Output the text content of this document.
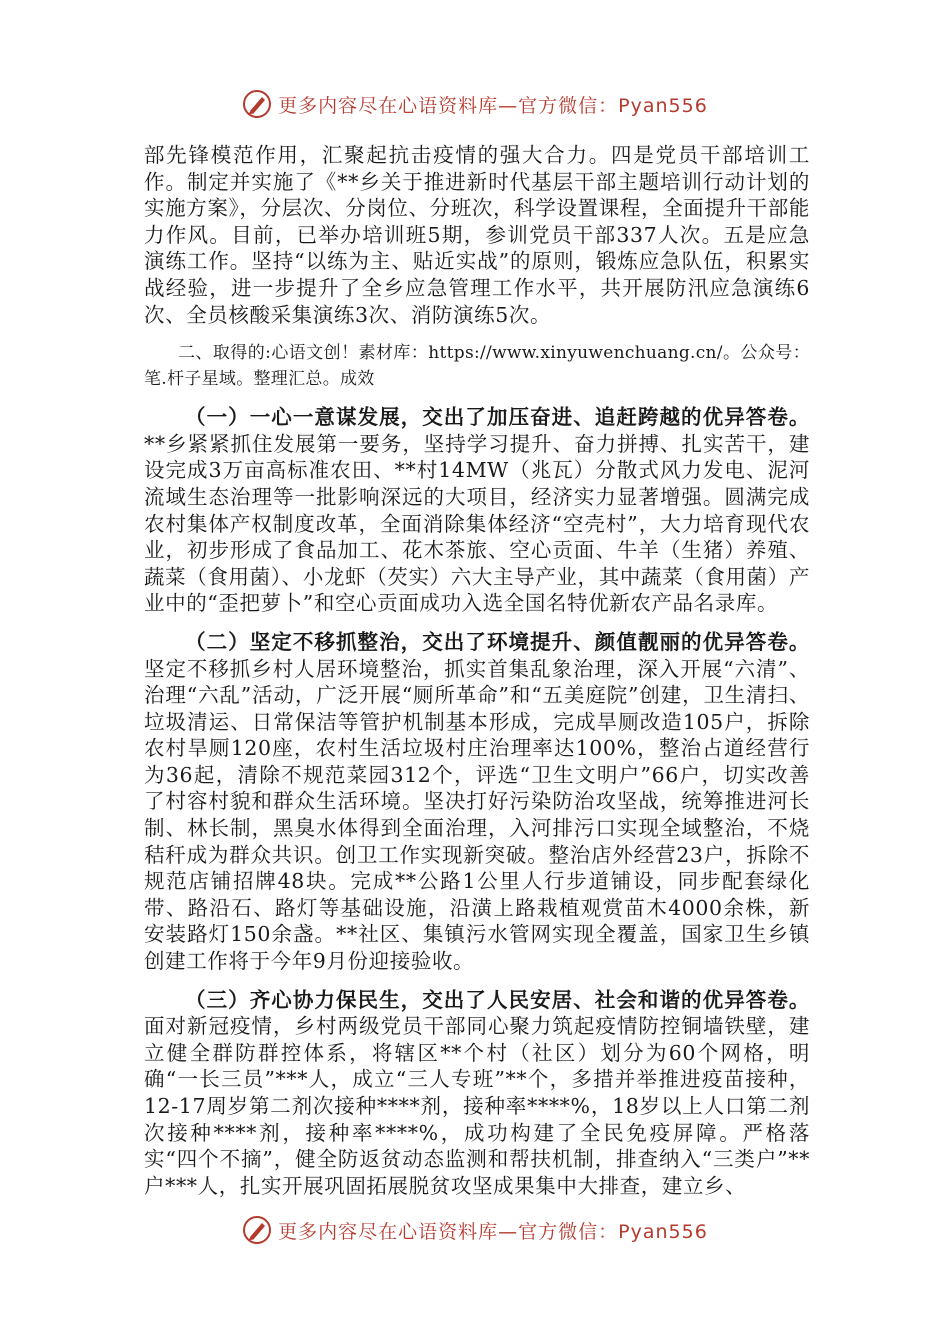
更多内容尽在心语资料库—官方微信：Pyan556

部先锋模范作用，汇聚起抗击疫情的强大合力。四是党员干部培训工作。制定并实施了《**乡关于推进新时代基层干部主题培训行动计划的实施方案》，分层次、分岗位、分班次，科学设置课程，全面提升干部能力作风。目前，已举办培训班5期，参训党员干部337人次。五是应急演练工作。坚持“以练为主、贴近实战”的原则，锻炼应急队伍，积累实战经验，进一步提升了全乡应急管理工作水平，共开展防汛应急演练6次、全员核酸采集演练3次、消防演练5次。

二、取得的:心语文创！素材库：https://www.xinyuwenchuang.cn/。公众号：笔.杆子星域。整理汇总。成效

（一）一心一意谋发展，交出了加压奋进、追赶跨越的优异答卷。**乡紧紧抓住发展第一要务，坚持学习提升、奋力拼搏、扎实苦干，建设完成3万亩高标准农田、**村14MW（兆瓦）分散式风力发电、泥河流域生态治理等一批影响深远的大项目，经济实力显著增强。圆满完成农村集体产权制度改革，全面消除集体经济“空壳村”，大力培育现代农业，初步形成了食品加工、花木茶旅、空心贡面、牛羊（生猪）养殖、蔬菜（食用菌）、小龙虾（芡实）六大主导产业，其中蔬菜（食用菌）产业中的“歪把萝卜”和空心贡面成功入选全国名特优新农产品名录库。

（二）坚定不移抓整治，交出了环境提升、颜值靓丽的优异答卷。坚定不移抓乡村人居环境整治，抓实首集乱象治理，深入开展“六清”、治理“六乱”活动，广泛开展“厕所革命”和“五美庭院”创建，卫生清扫、垃圾清运、日常保洁等管护机制基本形成，完成旱厕改造105户，拆除农村旱厕120座，农村生活垃圾村庄治理率达100%，整治占道经营行为36起，清除不规范菜园312个，评选“卫生文明户”66户，切实改善了村容村貌和群众生活环境。坚决打好污染防治攻坚战，统筹推进河长制、林长制，黑臭水体得到全面治理，入河排污口实现全域整治，不烧秸秆成为群众共识。创卫工作实现新突破。整治店外经营23户，拆除不规范店铺招牌48块。完成**公路1公里人行步道铺设，同步配套绿化带、路沿石、路灯等基础设施，沿潢上路栽植观赏苗木4000余株，新安装路灯150余盏。**社区、集镇污水管网实现全覆盖，国家卫生乡镇创建工作将于今年9月份迎接验收。

（三）齐心协力保民生，交出了人民安居、社会和谐的优异答卷。面对新冠疫情，乡村两级党员干部同心聚力筑起疫情防控铜墙铁壁，建立健全群防群控体系，将辖区**个村（社区）划分为60个网格，明确“一长三员”***人，成立“三人专班”**个，多措并举推进疫苗接种，12-17周岁第二剂次接种****剂，接种率****%，18岁以上人口第二剂次接种****剂，接种率****%，成功构建了全民免疫屏障。严格落实“四个不摘”，健全防返贫动态监测和帮扶机制，排查纳入“三类户”**户***人，扎实开展巩固拓展脱贫攻坚成果集中大排查，建立乡、

更多内容尽在心语资料库—官方微信：Pyan556
